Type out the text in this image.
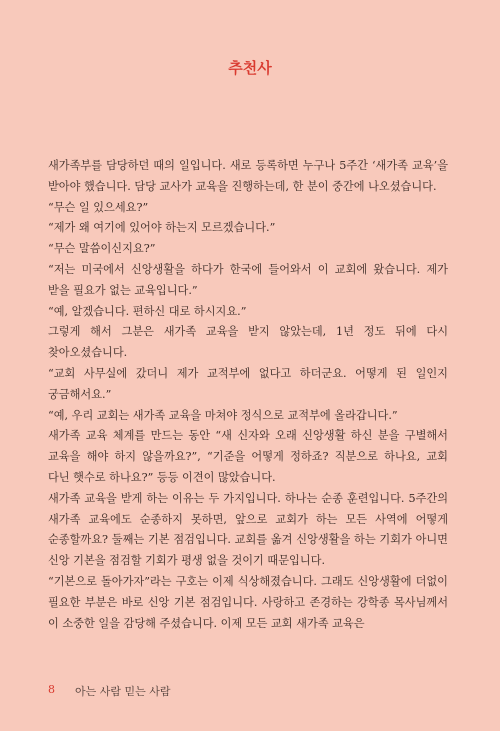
추천사

새가족부를 담당하던 때의 일입니다. 새로 등록하면 누구나 5주간 ‘새가족 교육’을 받아야 했습니다. 담당 교사가 교육을 진행하는데, 한 분이 중간에 나오셨습니다.

“무슨 일 있으세요?”

“제가 왜 여기에 있어야 하는지 모르겠습니다.”

“무슨 말씀이신지요?”

“저는 미국에서 신앙생활을 하다가 한국에 들어와서 이 교회에 왔습니다. 제가 받을 필요가 없는 교육입니다.”

“예, 알겠습니다. 편하신 대로 하시지요.”

그렇게 해서 그분은 새가족 교육을 받지 않았는데, 1년 정도 뒤에 다시 찾아오셨습니다.

“교회 사무실에 갔더니 제가 교적부에 없다고 하더군요. 어떻게 된 일인지 궁금해서요.”

“예, 우리 교회는 새가족 교육을 마쳐야 정식으로 교적부에 올라갑니다.”

새가족 교육 체계를 만드는 동안 “새 신자와 오래 신앙생활 하신 분을 구별해서 교육을 해야 하지 않을까요?”, “기준을 어떻게 정하죠? 직분으로 하나요, 교회 다닌 햇수로 하나요?” 등등 이견이 많았습니다.

새가족 교육을 받게 하는 이유는 두 가지입니다. 하나는 순종 훈련입니다. 5주간의 새가족 교육에도 순종하지 못하면, 앞으로 교회가 하는 모든 사역에 어떻게 순종할까요? 둘째는 기본 점검입니다. 교회를 옮겨 신앙생활을 하는 기회가 아니면 신앙 기본을 점검할 기회가 평생 없을 것이기 때문입니다.

“기본으로 돌아가자”라는 구호는 이제 식상해졌습니다. 그래도 신앙생활에 더없이 필요한 부분은 바로 신앙 기본 점검입니다. 사랑하고 존경하는 강학종 목사님께서 이 소중한 일을 감당해 주셨습니다. 이제 모든 교회 새가족 교육은

8 아는 사람 믿는 사람
